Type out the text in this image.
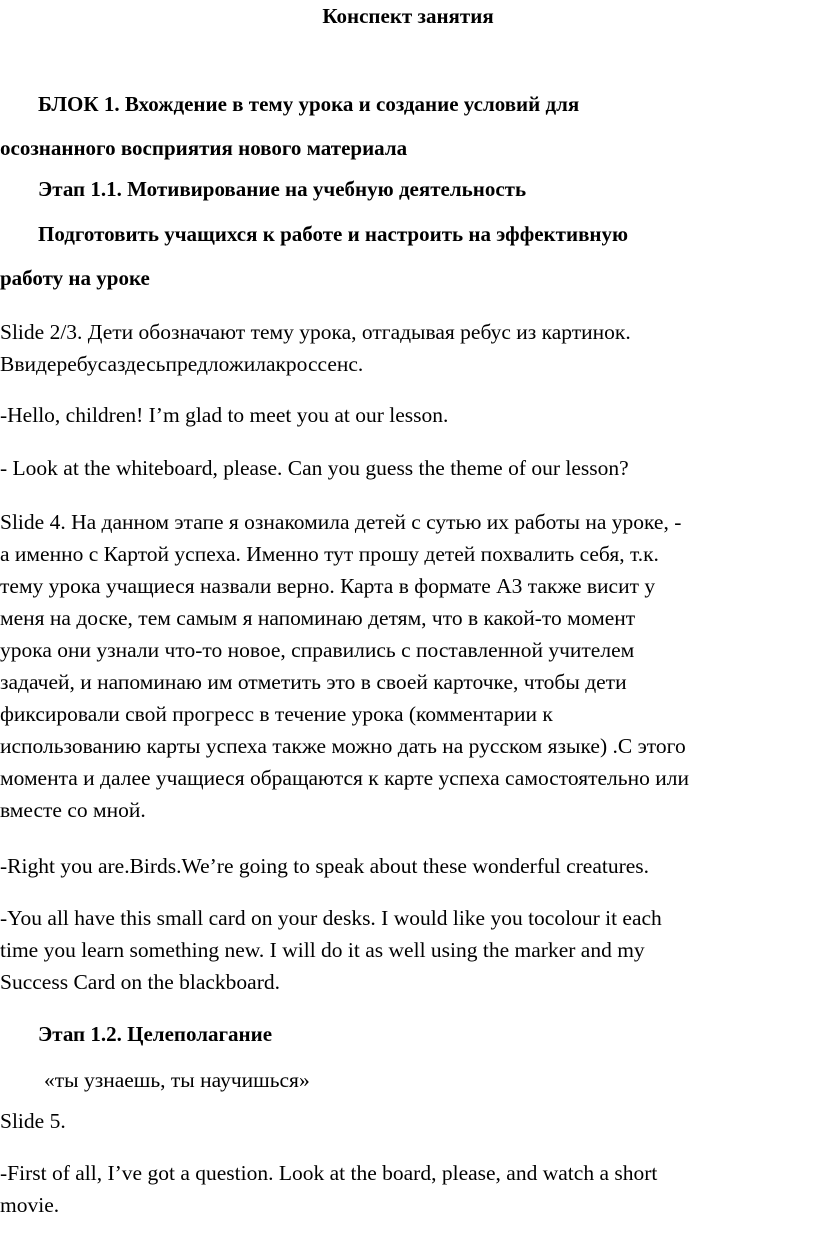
Конспект занятия
БЛОК 1. Вхождение в тему урока и создание условий для
осознанного восприятия нового материала
Этап 1.1. Мотивирование на учебную деятельность
Подготовить учащихся к работе и настроить на эффективную
работу на уроке
Slide 2/3. Дети обозначают тему урока, отгадывая ребус из картинок.
Ввидеребусаздесьпредложилакроссенс.
-Hello, children! I’m glad to meet you at our lesson.
- Look at the whiteboard, please. Can you guess the theme of our lesson?
Slide 4. На данном этапе я ознакомила детей с сутью их работы на уроке, -
а именно с Картой успеха. Именно тут прошу детей похвалить себя, т.к.
тему урока учащиеся назвали верно. Карта в формате А3 также висит у
меня на доске, тем самым я напоминаю детям, что в какой-то момент
урока они узнали что-то новое, справились с поставленной учителем
задачей, и напоминаю им отметить это в своей карточке, чтобы дети
фиксировали свой прогресс в течение урока (комментарии к
использованию карты успеха также можно дать на русском языке) .С этого
момента и далее учащиеся обращаются к карте успеха самостоятельно или
вместе со мной.
-Right you are.Birds.We’re going to speak about these wonderful creatures.
-You all have this small card on your desks. I would like you tocolour it each
time you learn something new. I will do it as well using the marker and my
Success Card on the blackboard.
Этап 1.2. Целеполагание
«ты узнаешь, ты научишься»
Slide 5.
-First of all, I’ve got a question. Look at the board, please, and watch a short
movie.
